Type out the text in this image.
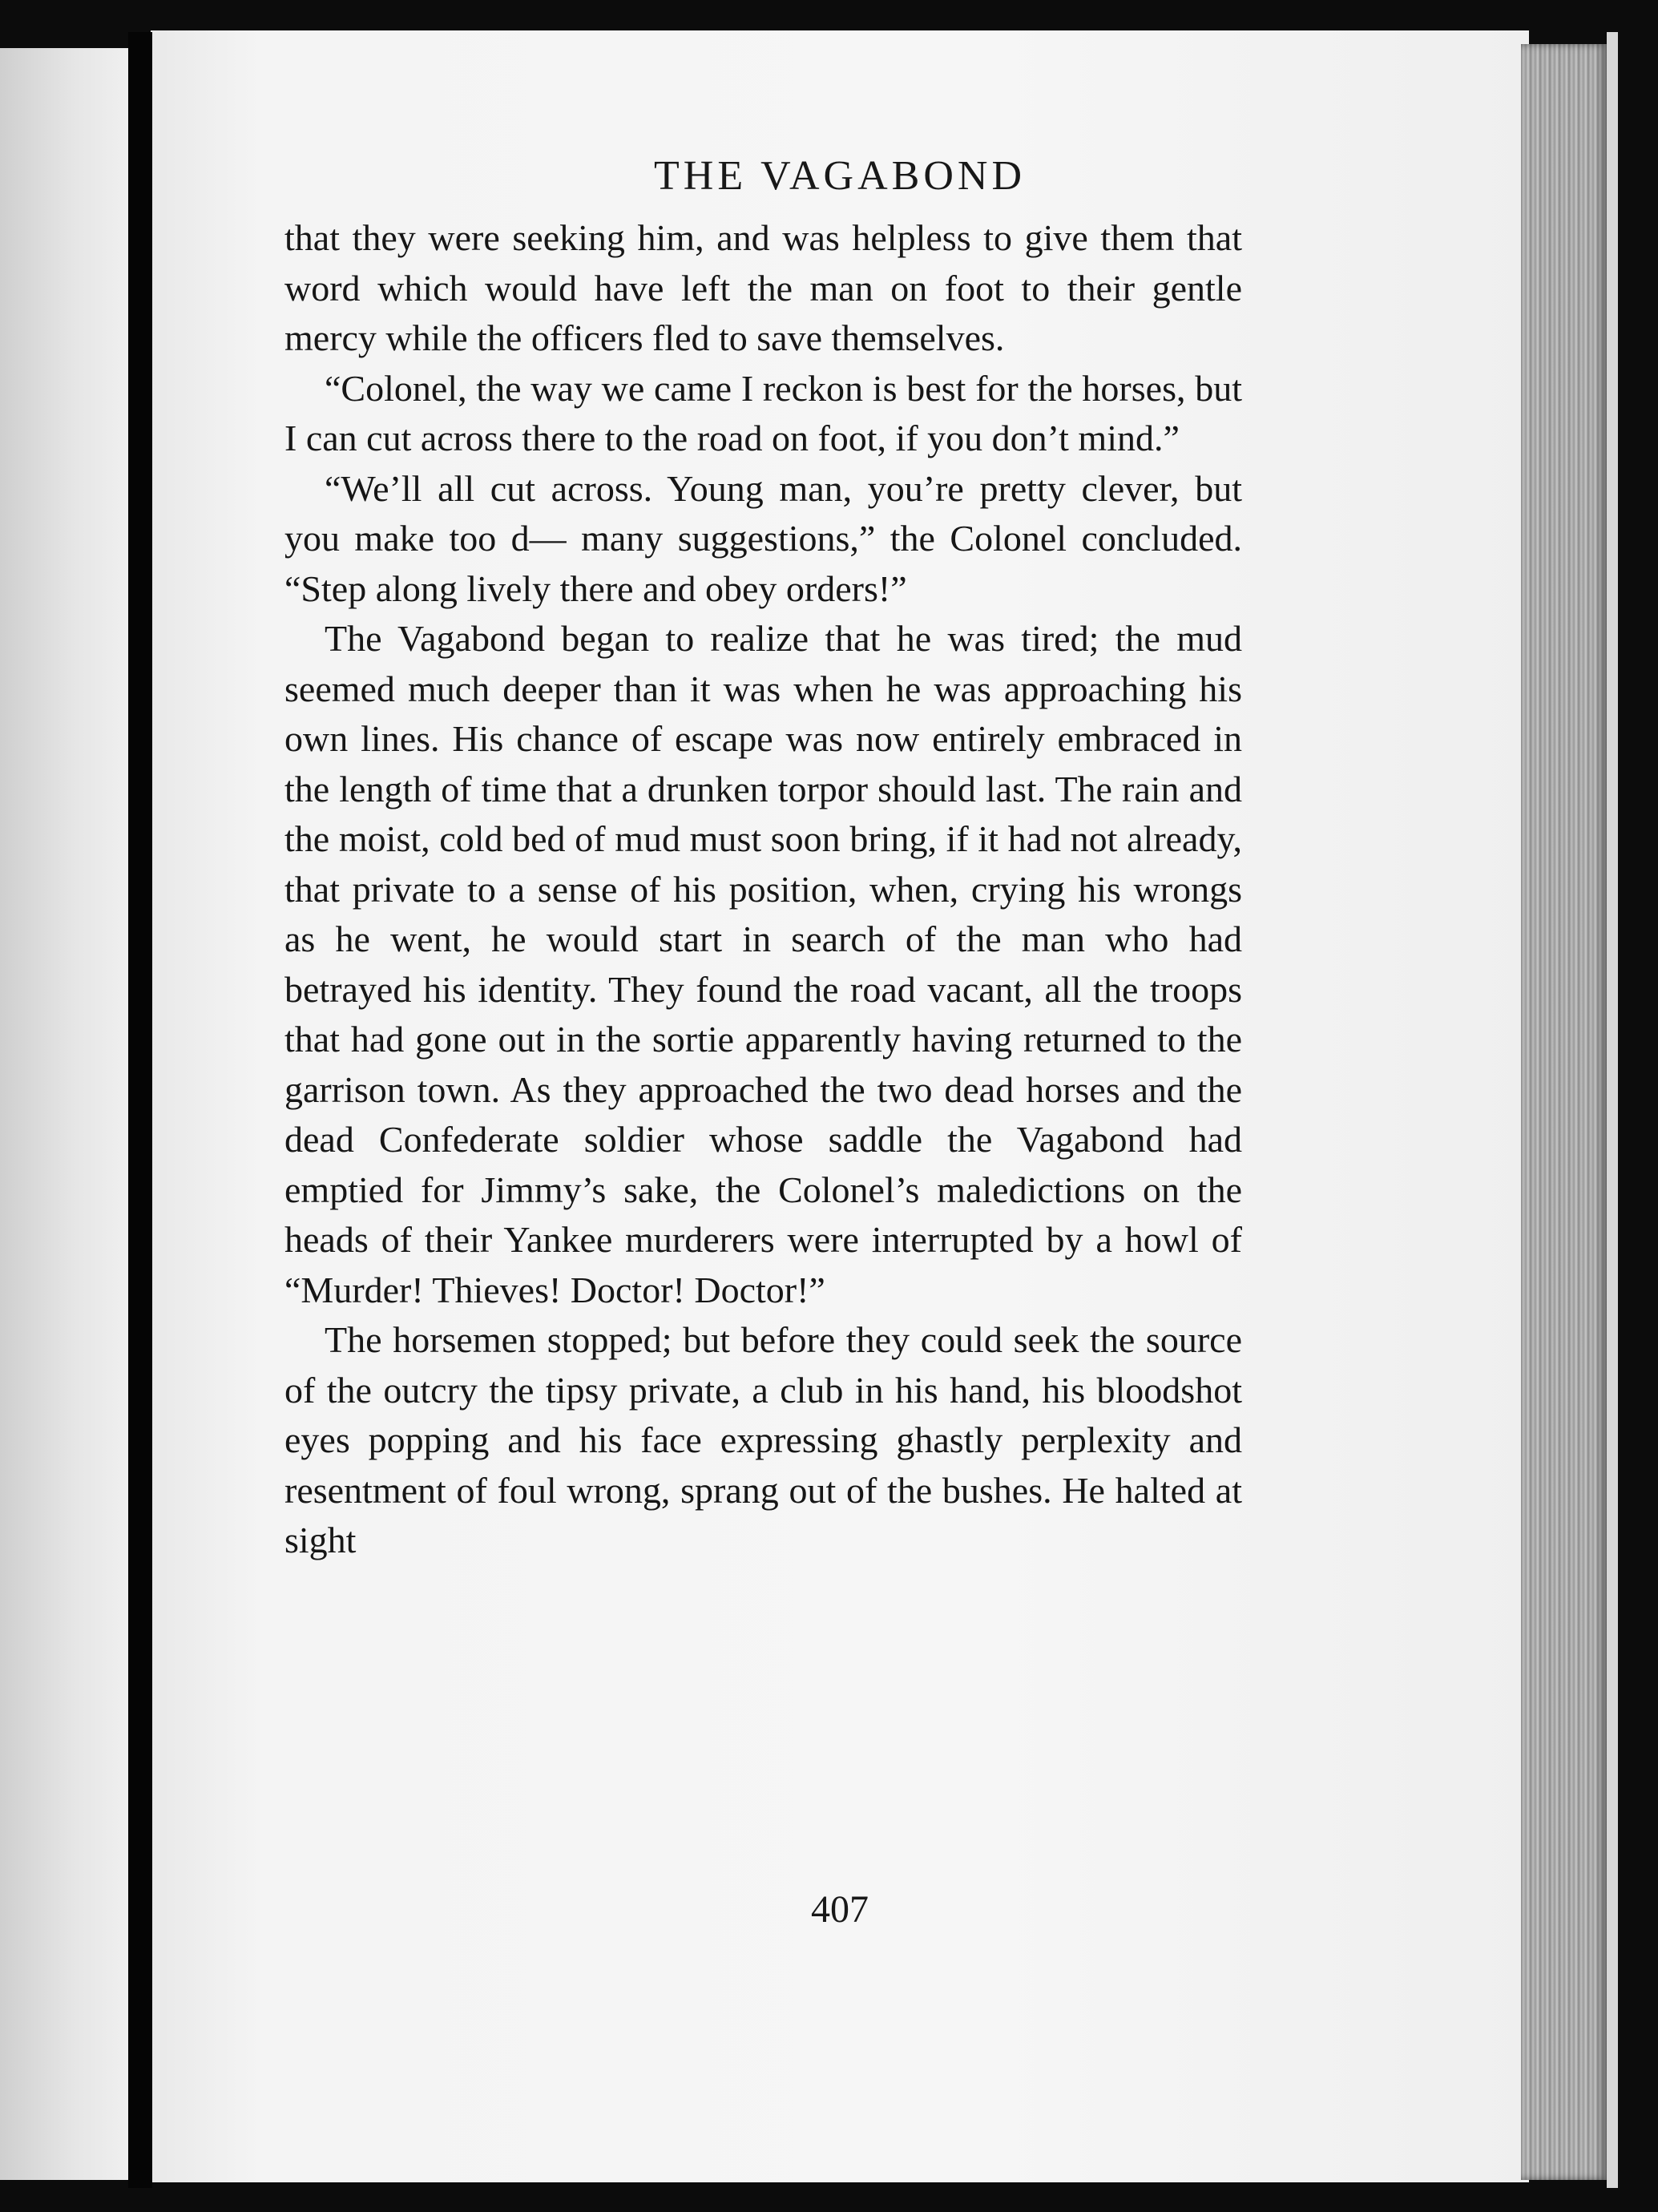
THE VAGABOND

that they were seeking him, and was helpless to give them that word which would have left the man on foot to their gentle mercy while the officers fled to save themselves.

“Colonel, the way we came I reckon is best for the horses, but I can cut across there to the road on foot, if you don’t mind.”

“We’ll all cut across. Young man, you’re pretty clever, but you make too d— many suggestions,” the Colonel concluded. “Step along lively there and obey orders!”

The Vagabond began to realize that he was tired; the mud seemed much deeper than it was when he was approaching his own lines. His chance of escape was now entirely embraced in the length of time that a drunken torpor should last. The rain and the moist, cold bed of mud must soon bring, if it had not already, that private to a sense of his position, when, crying his wrongs as he went, he would start in search of the man who had betrayed his identity. They found the road vacant, all the troops that had gone out in the sortie apparently having returned to the garrison town. As they approached the two dead horses and the dead Confederate soldier whose saddle the Vagabond had emptied for Jimmy’s sake, the Colonel’s maledictions on the heads of their Yankee murderers were interrupted by a howl of “Murder! Thieves! Doctor! Doctor!”

The horsemen stopped; but before they could seek the source of the outcry the tipsy private, a club in his hand, his bloodshot eyes popping and his face expressing ghastly perplexity and resentment of foul wrong, sprang out of the bushes. He halted at sight

407
